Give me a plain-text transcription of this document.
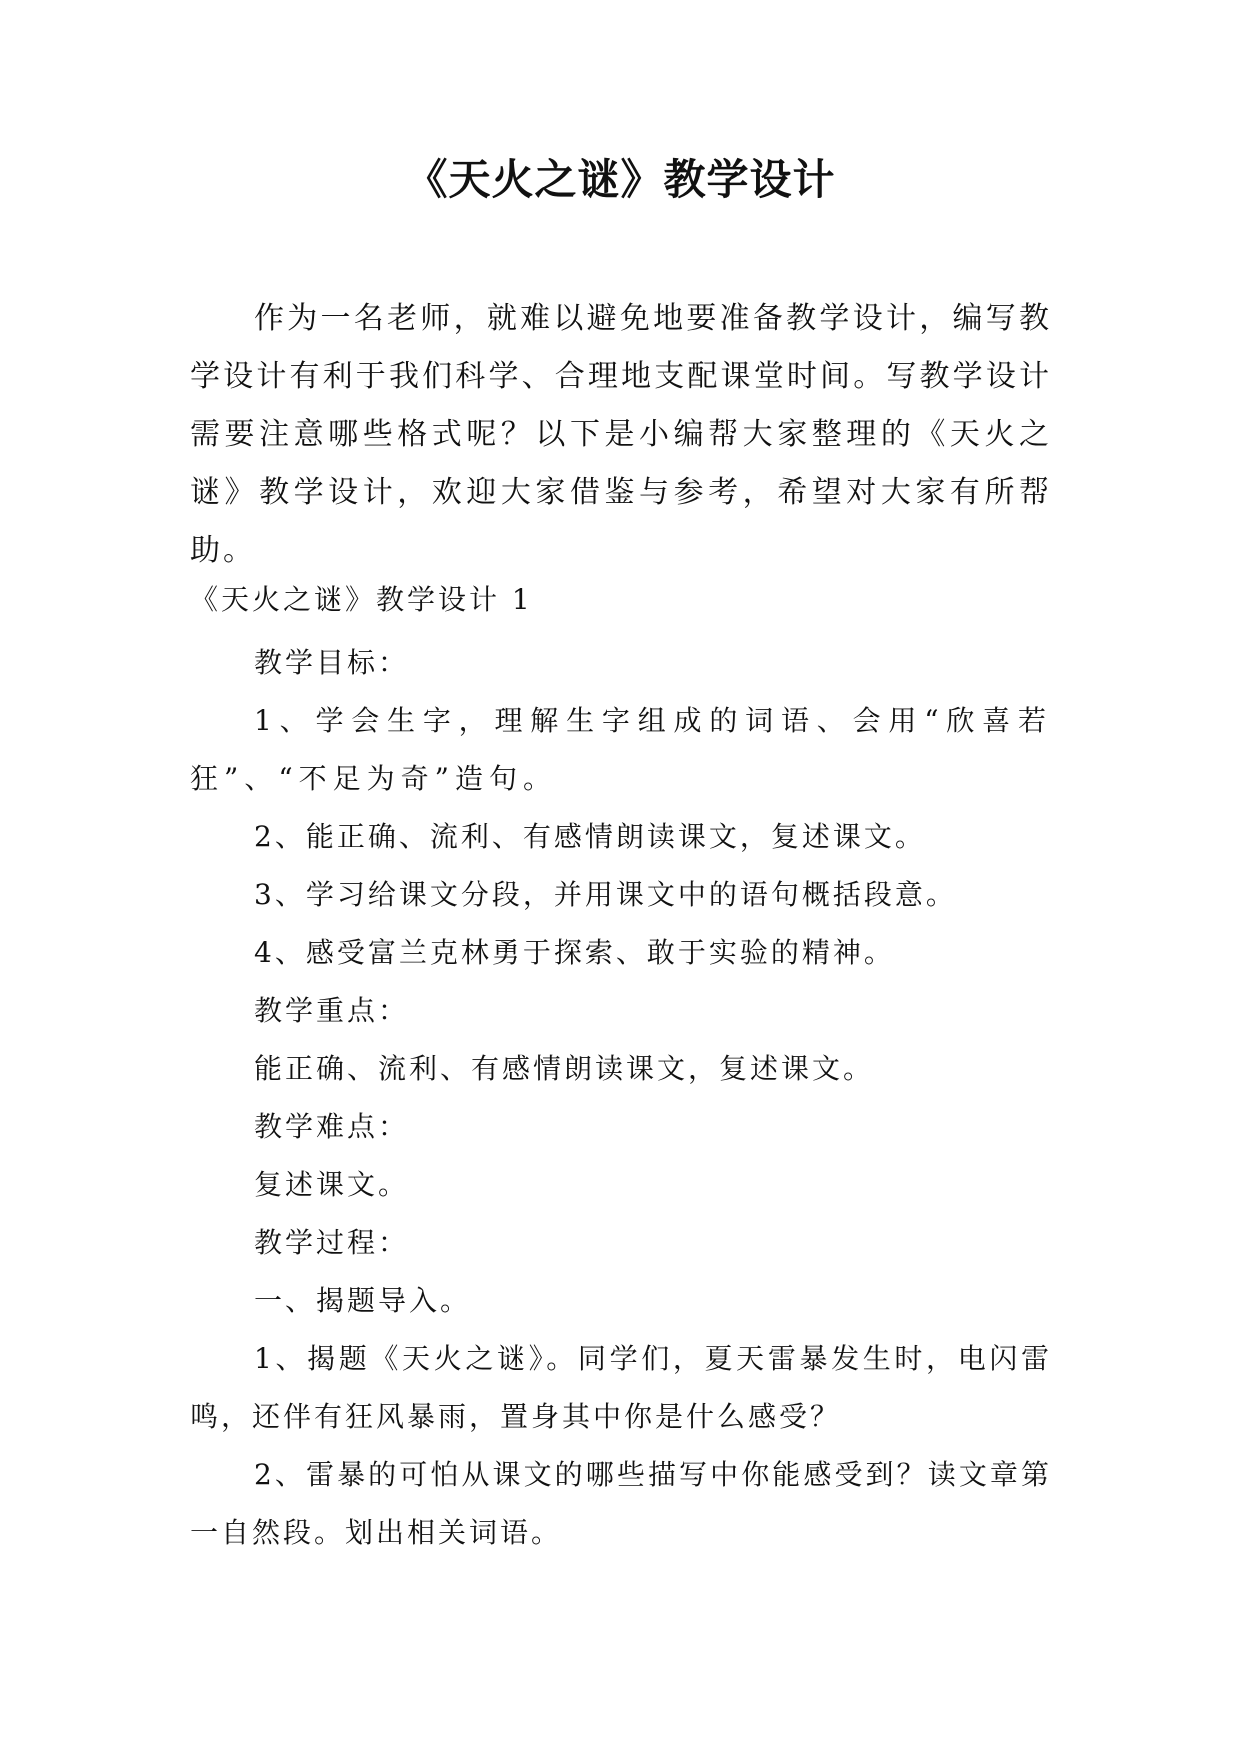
《天火之谜》教学设计

作为一名老师，就难以避免地要准备教学设计，编写教学设计有利于我们科学、合理地支配课堂时间。写教学设计需要注意哪些格式呢？以下是小编帮大家整理的《天火之谜》教学设计，欢迎大家借鉴与参考，希望对大家有所帮助。

《天火之谜》教学设计 1

教学目标：

1、学会生字，理解生字组成的词语、会用“欣喜若狂”、“不足为奇”造句。

2、能正确、流利、有感情朗读课文，复述课文。

3、学习给课文分段，并用课文中的语句概括段意。

4、感受富兰克林勇于探索、敢于实验的精神。

教学重点：

能正确、流利、有感情朗读课文，复述课文。

教学难点：

复述课文。

教学过程：

一、揭题导入。

1、揭题《天火之谜》。同学们，夏天雷暴发生时，电闪雷鸣，还伴有狂风暴雨，置身其中你是什么感受？

2、雷暴的可怕从课文的哪些描写中你能感受到？读文章第一自然段。划出相关词语。
